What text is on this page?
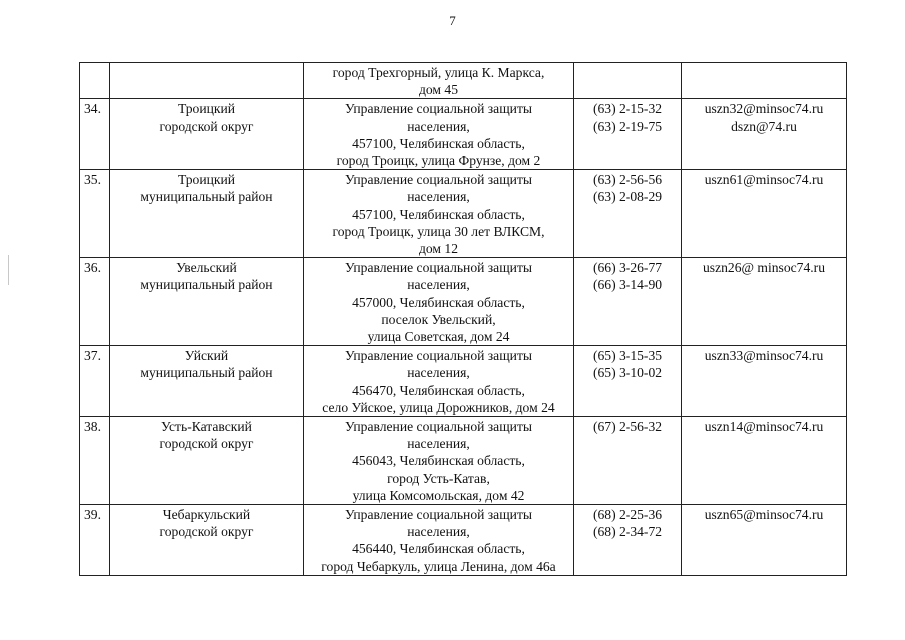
7

		город Трехгорный, улица К. Маркса,
дом 45		

34.	Троицкий
городской округ	Управление социальной защиты
населения,
457100, Челябинская область,
город Троицк, улица Фрунзе, дом 2	(63) 2-15-32
(63) 2-19-75	uszn32@minsoc74.ru
dszn@74.ru

35.	Троицкий
муниципальный район	Управление социальной защиты
населения,
457100, Челябинская область,
город Троицк, улица 30 лет ВЛКСМ,
дом 12	(63) 2-56-56
(63) 2-08-29	uszn61@minsoc74.ru

36.	Увельский
муниципальный район	Управление социальной защиты
населения,
457000, Челябинская область,
поселок Увельский,
улица Советская, дом 24	(66) 3-26-77
(66) 3-14-90	uszn26@ minsoc74.ru

37.	Уйский
муниципальный район	Управление социальной защиты
населения,
456470, Челябинская область,
село Уйское, улица Дорожников, дом 24	(65) 3-15-35
(65) 3-10-02	uszn33@minsoc74.ru

38.	Усть-Катавский
городской округ	Управление социальной защиты
населения,
456043, Челябинская область,
город Усть-Катав,
улица Комсомольская, дом 42	(67) 2-56-32	uszn14@minsoc74.ru

39.	Чебаркульский
городской округ	Управление социальной защиты
населения,
456440, Челябинская область,
город Чебаркуль, улица Ленина, дом 46а	(68) 2-25-36
(68) 2-34-72	uszn65@minsoc74.ru
